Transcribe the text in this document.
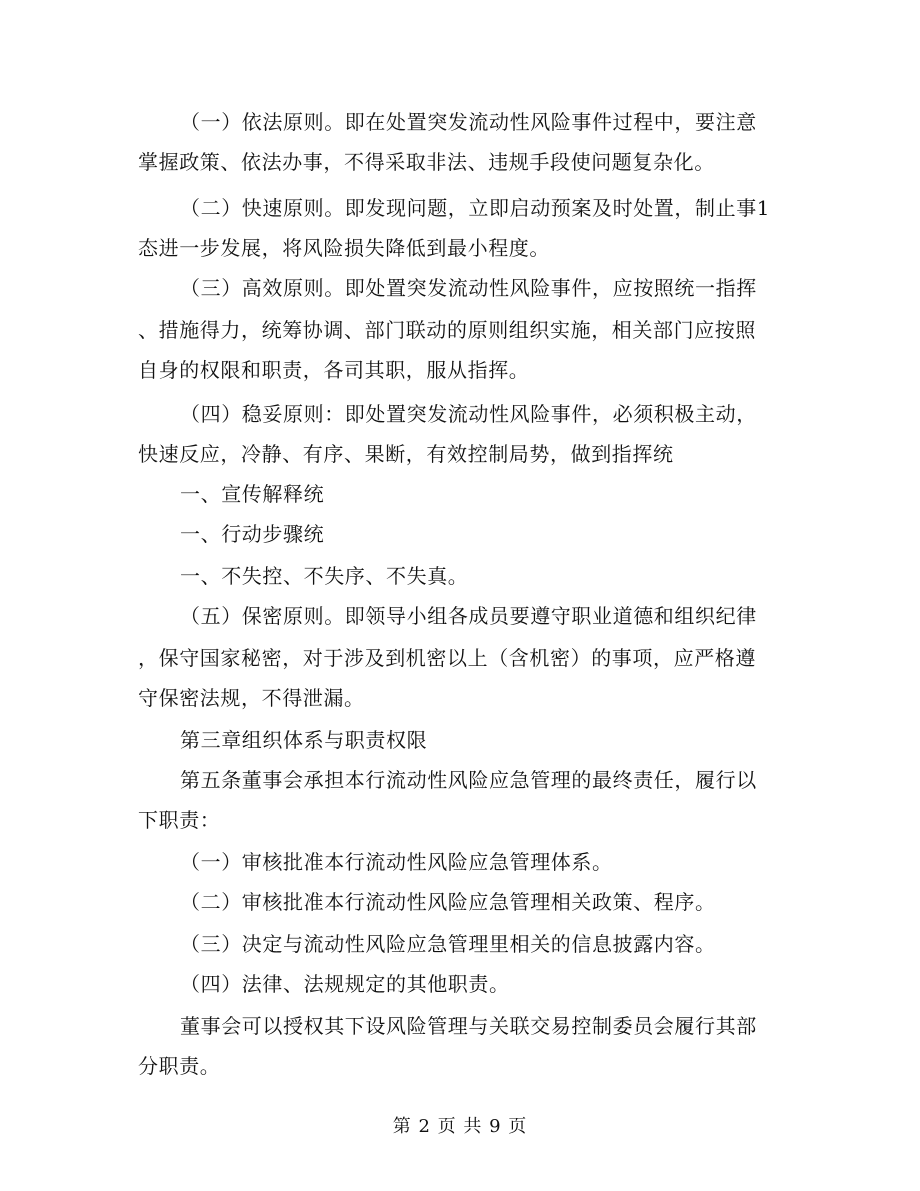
（一）依法原则。即在处置突发流动性风险事件过程中，要注意
掌握政策、依法办事，不得采取非法、违规手段使问题复杂化。
（二）快速原则。即发现问题，立即启动预案及时处置，制止事1
态进一步发展，将风险损失降低到最小程度。
（三）高效原则。即处置突发流动性风险事件，应按照统一指挥
、措施得力，统筹协调、部门联动的原则组织实施，相关部门应按照
自身的权限和职责，各司其职，服从指挥。
（四）稳妥原则：即处置突发流动性风险事件，必须积极主动，
快速反应，冷静、有序、果断，有效控制局势，做到指挥统
一、宣传解释统
一、行动步骤统
一、不失控、不失序、不失真。
（五）保密原则。即领导小组各成员要遵守职业道德和组织纪律
，保守国家秘密，对于涉及到机密以上（含机密）的事项，应严格遵
守保密法规，不得泄漏。
第三章组织体系与职责权限
第五条董事会承担本行流动性风险应急管理的最终责任，履行以
下职责：
（一）审核批准本行流动性风险应急管理体系。
（二）审核批准本行流动性风险应急管理相关政策、程序。
（三）决定与流动性风险应急管理里相关的信息披露内容。
（四）法律、法规规定的其他职责。
董事会可以授权其下设风险管理与关联交易控制委员会履行其部
分职责。
第 2 页 共 9 页
